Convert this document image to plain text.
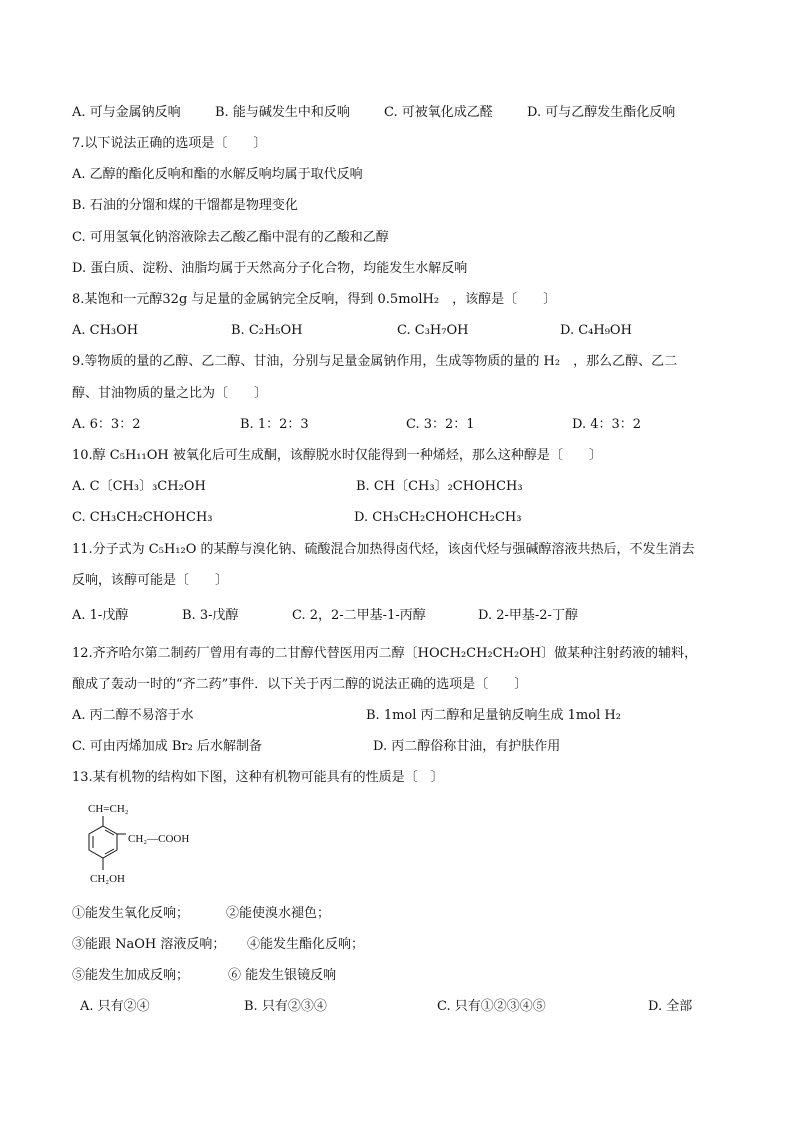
A. 可与金属钠反响	B. 能与碱发生中和反响	C. 可被氧化成乙醛	D. 可与乙醇发生酯化反响
7.以下说法正确的选项是〔　　〕
A. 乙醇的酯化反响和酯的水解反响均属于取代反响
B. 石油的分馏和煤的干馏都是物理变化
C. 可用氢氧化钠溶液除去乙酸乙酯中混有的乙酸和乙醇
D. 蛋白质、淀粉、油脂均属于天然高分子化合物，均能发生水解反响
8.某饱和一元醇32g 与足量的金属钠完全反响，得到 0.5molH₂　，该醇是〔　　〕
A. CH₃OH	B. C₂H₅OH	C. C₃H₇OH	D. C₄H₉OH
9.等物质的量的乙醇、乙二醇、甘油，分别与足量金属钠作用，生成等物质的量的 H₂　，那么乙醇、乙二
醇、甘油物质的量之比为〔　　〕
A. 6：3：2	B. 1：2：3	C. 3：2：1	D. 4：3：2
10.醇 C₅H₁₁OH 被氧化后可生成酮，该醇脱水时仅能得到一种烯烃，那么这种醇是〔　　〕
A. C〔CH₃〕₃CH₂OH	B. CH〔CH₃〕₂CHOHCH₃
C. CH₃CH₂CHOHCH₃	D. CH₃CH₂CHOHCH₂CH₃
11.分子式为 C₅H₁₂O 的某醇与溴化钠、硫酸混合加热得卤代烃，该卤代烃与强碱醇溶液共热后，不发生消去
反响，该醇可能是〔　　〕
A. 1-戊醇	B. 3-戊醇	C. 2，2-二甲基-1-丙醇	D. 2-甲基-2-丁醇
12.齐齐哈尔第二制药厂曾用有毒的二甘醇代替医用丙二醇〔HOCH₂CH₂CH₂OH〕做某种注射药液的辅料，
酿成了轰动一时的“齐二药”事件．以下关于丙二醇的说法正确的选项是〔　　〕
A. 丙二醇不易溶于水	B. 1mol 丙二醇和足量钠反响生成 1mol H₂
C. 可由丙烯加成 Br₂ 后水解制备	D. 丙二醇俗称甘油，有护肤作用
13.某有机物的结构如下图，这种有机物可能具有的性质是〔　〕
CH=CH₂
CH₂—COOH
CH₂OH
①能发生氧化反响；	②能使溴水褪色；
③能跟 NaOH 溶液反响； ④能发生酯化反响；
⑤能发生加成反响；	⑥ 能发生银镜反响
A. 只有②④	B. 只有②③④	C. 只有①②③④⑤	D. 全部
